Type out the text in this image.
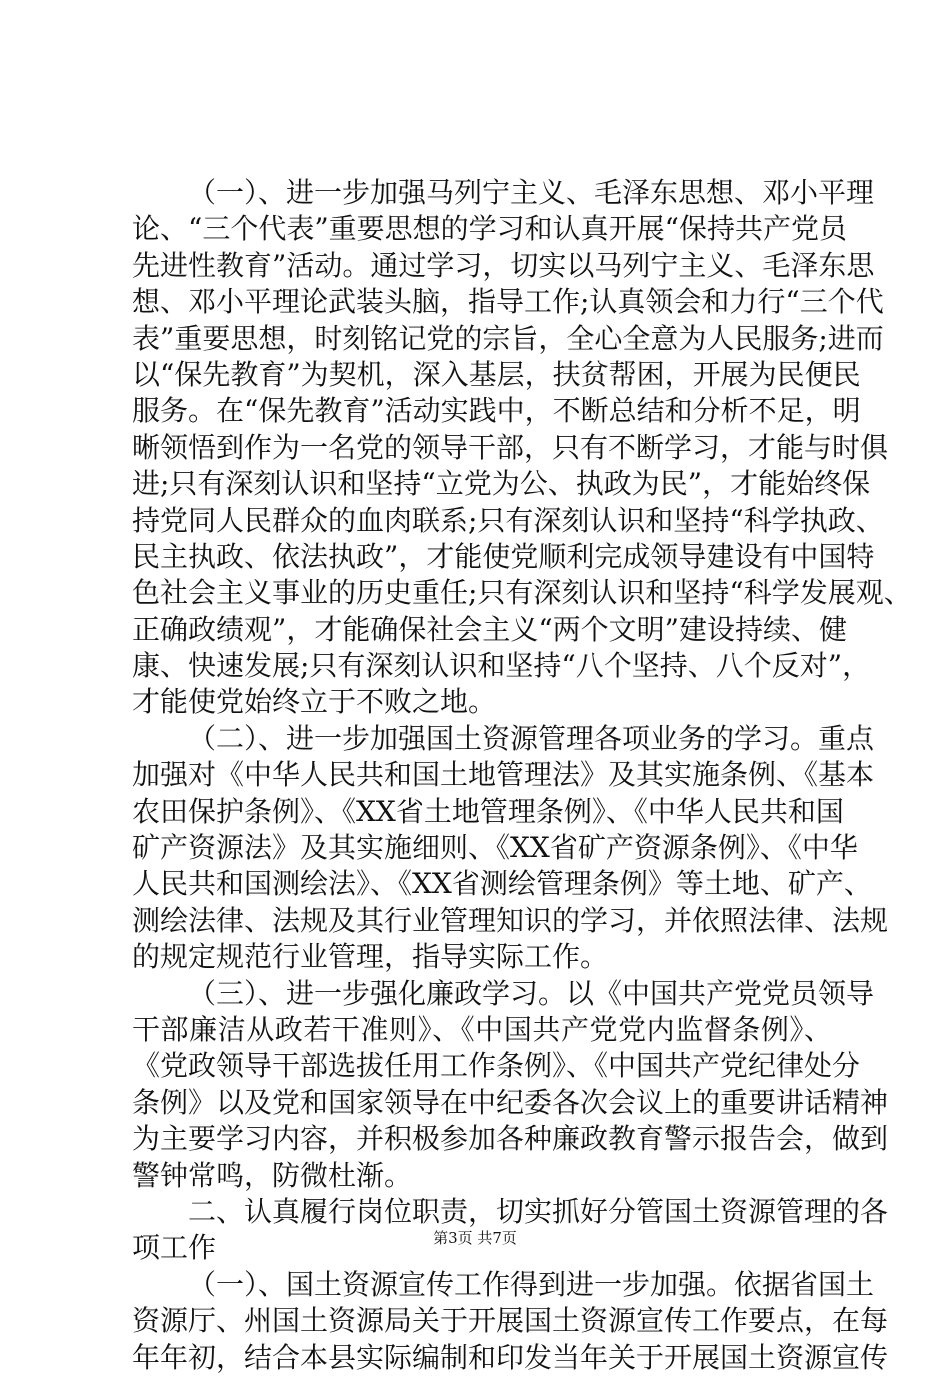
（一）、进一步加强马列宁主义、毛泽东思想、邓小平理
论、“三个代表”重要思想的学习和认真开展“保持共产党员
先进性教育”活动。通过学习，切实以马列宁主义、毛泽东思
想、邓小平理论武装头脑，指导工作;认真领会和力行“三个代
表”重要思想，时刻铭记党的宗旨，全心全意为人民服务;进而
以“保先教育”为契机，深入基层，扶贫帮困，开展为民便民
服务。在“保先教育”活动实践中，不断总结和分析不足，明
晰领悟到作为一名党的领导干部，只有不断学习，才能与时俱
进;只有深刻认识和坚持“立党为公、执政为民”，才能始终保
持党同人民群众的血肉联系;只有深刻认识和坚持“科学执政、
民主执政、依法执政”，才能使党顺利完成领导建设有中国特
色社会主义事业的历史重任;只有深刻认识和坚持“科学发展观、
正确政绩观”，才能确保社会主义“两个文明”建设持续、健
康、快速发展;只有深刻认识和坚持“八个坚持、八个反对”，
才能使党始终立于不败之地。
（二）、进一步加强国土资源管理各项业务的学习。重点
加强对《中华人民共和国土地管理法》及其实施条例、《基本
农田保护条例》、《XX省土地管理条例》、《中华人民共和国
矿产资源法》及其实施细则、《XX省矿产资源条例》、《中华
人民共和国测绘法》、《XX省测绘管理条例》等土地、矿产、
测绘法律、法规及其行业管理知识的学习，并依照法律、法规
的规定规范行业管理，指导实际工作。
（三）、进一步强化廉政学习。以《中国共产党党员领导
干部廉洁从政若干准则》、《中国共产党党内监督条例》、
《党政领导干部选拔任用工作条例》、《中国共产党纪律处分
条例》以及党和国家领导在中纪委各次会议上的重要讲话精神
为主要学习内容，并积极参加各种廉政教育警示报告会，做到
警钟常鸣，防微杜渐。
二、认真履行岗位职责，切实抓好分管国土资源管理的各
项工作
（一）、国土资源宣传工作得到进一步加强。依据省国土
资源厅、州国土资源局关于开展国土资源宣传工作要点，在每
年年初，结合本县实际编制和印发当年关于开展国土资源宣传
第3页 共7页
